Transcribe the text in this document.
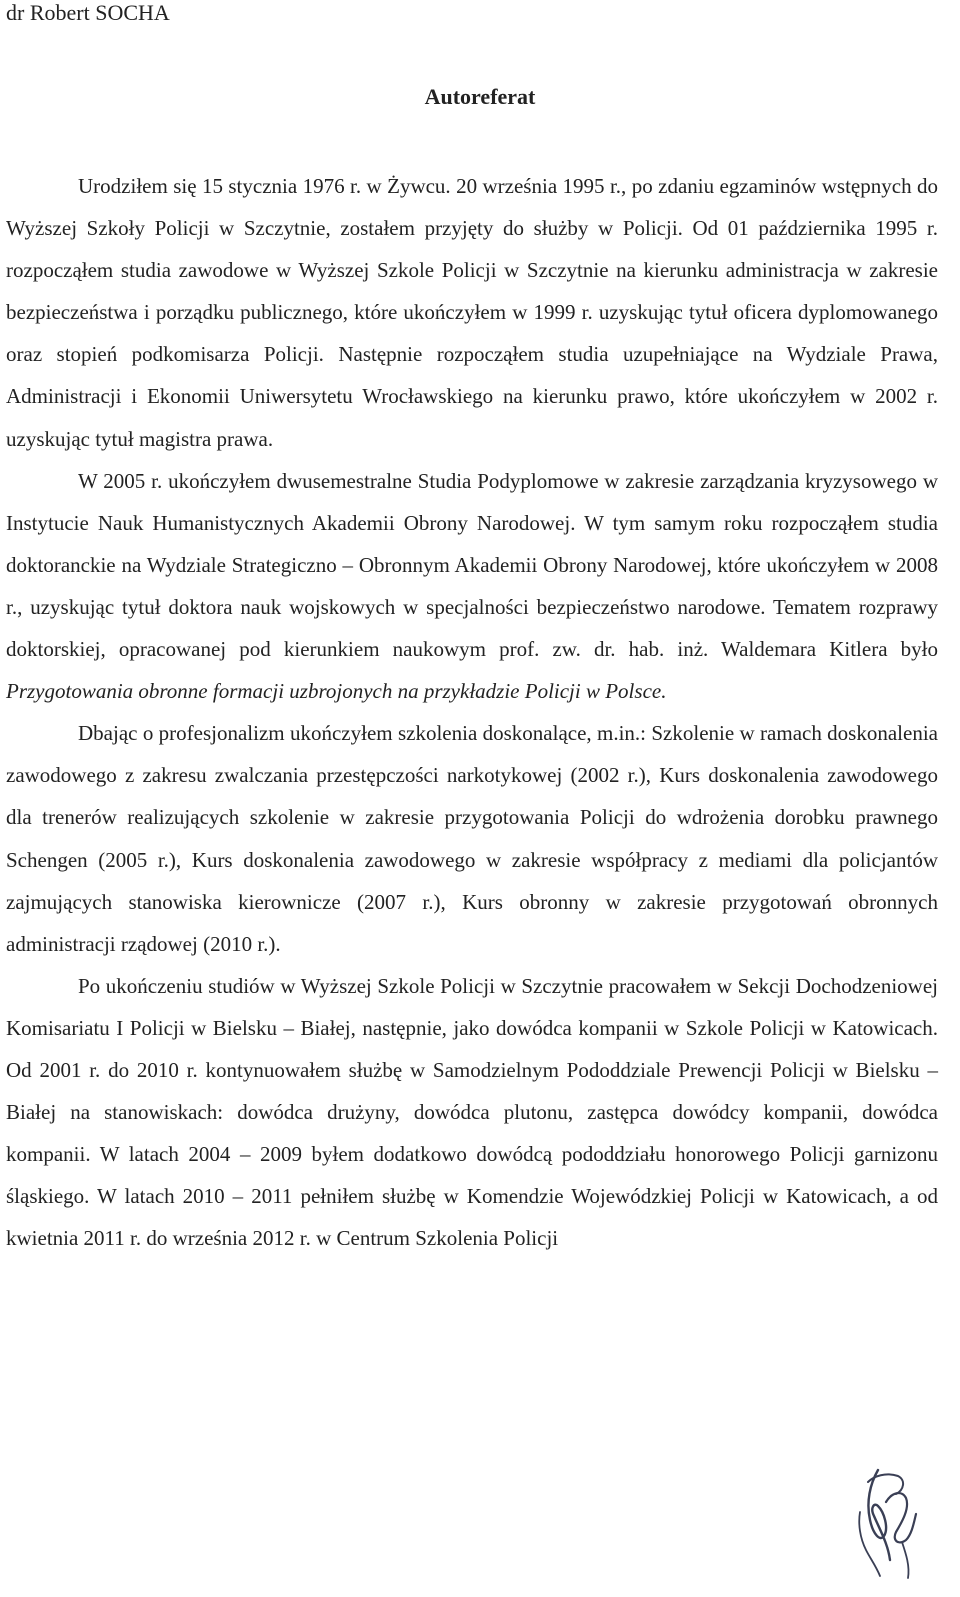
dr Robert SOCHA
Autoreferat

Urodziłem się 15 stycznia 1976 r. w Żywcu. 20 września 1995 r., po zdaniu egzaminów wstępnych do Wyższej Szkoły Policji w Szczytnie, zostałem przyjęty do służby w Policji. Od 01 października 1995 r. rozpocząłem studia zawodowe w Wyższej Szkole Policji w Szczytnie na kierunku administracja w zakresie bezpieczeństwa i porządku publicznego, które ukończyłem w 1999 r. uzyskując tytuł oficera dyplomowanego oraz stopień podkomisarza Policji. Następnie rozpocząłem studia uzupełniające na Wydziale Prawa, Administracji i Ekonomii Uniwersytetu Wrocławskiego na kierunku prawo, które ukończyłem w 2002 r. uzyskując tytuł magistra prawa.

W 2005 r. ukończyłem dwusemestralne Studia Podyplomowe w zakresie zarządzania kryzysowego w Instytucie Nauk Humanistycznych Akademii Obrony Narodowej. W tym samym roku rozpocząłem studia doktoranckie na Wydziale Strategiczno – Obronnym Akademii Obrony Narodowej, które ukończyłem w 2008 r., uzyskując tytuł doktora nauk wojskowych w specjalności bezpieczeństwo narodowe. Tematem rozprawy doktorskiej, opracowanej pod kierunkiem naukowym prof. zw. dr. hab. inż. Waldemara Kitlera było Przygotowania obronne formacji uzbrojonych na przykładzie Policji w Polsce.

Dbając o profesjonalizm ukończyłem szkolenia doskonalące, m.in.: Szkolenie w ramach doskonalenia zawodowego z zakresu zwalczania przestępczości narkotykowej (2002 r.), Kurs doskonalenia zawodowego dla trenerów realizujących szkolenie w zakresie przygotowania Policji do wdrożenia dorobku prawnego Schengen (2005 r.), Kurs doskonalenia zawodowego w zakresie współpracy z mediami dla policjantów zajmujących stanowiska kierownicze (2007 r.), Kurs obronny w zakresie przygotowań obronnych administracji rządowej (2010 r.).

Po ukończeniu studiów w Wyższej Szkole Policji w Szczytnie pracowałem w Sekcji Dochodzeniowej Komisariatu I Policji w Bielsku – Białej, następnie, jako dowódca kompanii w Szkole Policji w Katowicach. Od 2001 r. do 2010 r. kontynuowałem służbę w Samodzielnym Pododdziale Prewencji Policji w Bielsku – Białej na stanowiskach: dowódca drużyny, dowódca plutonu, zastępca dowódcy kompanii, dowódca kompanii. W latach 2004 – 2009 byłem dodatkowo dowódcą pododdziału honorowego Policji garnizonu śląskiego. W latach 2010 – 2011 pełniłem służbę w Komendzie Wojewódzkiej Policji w Katowicach, a od kwietnia 2011 r. do września 2012 r. w Centrum Szkolenia Policji
